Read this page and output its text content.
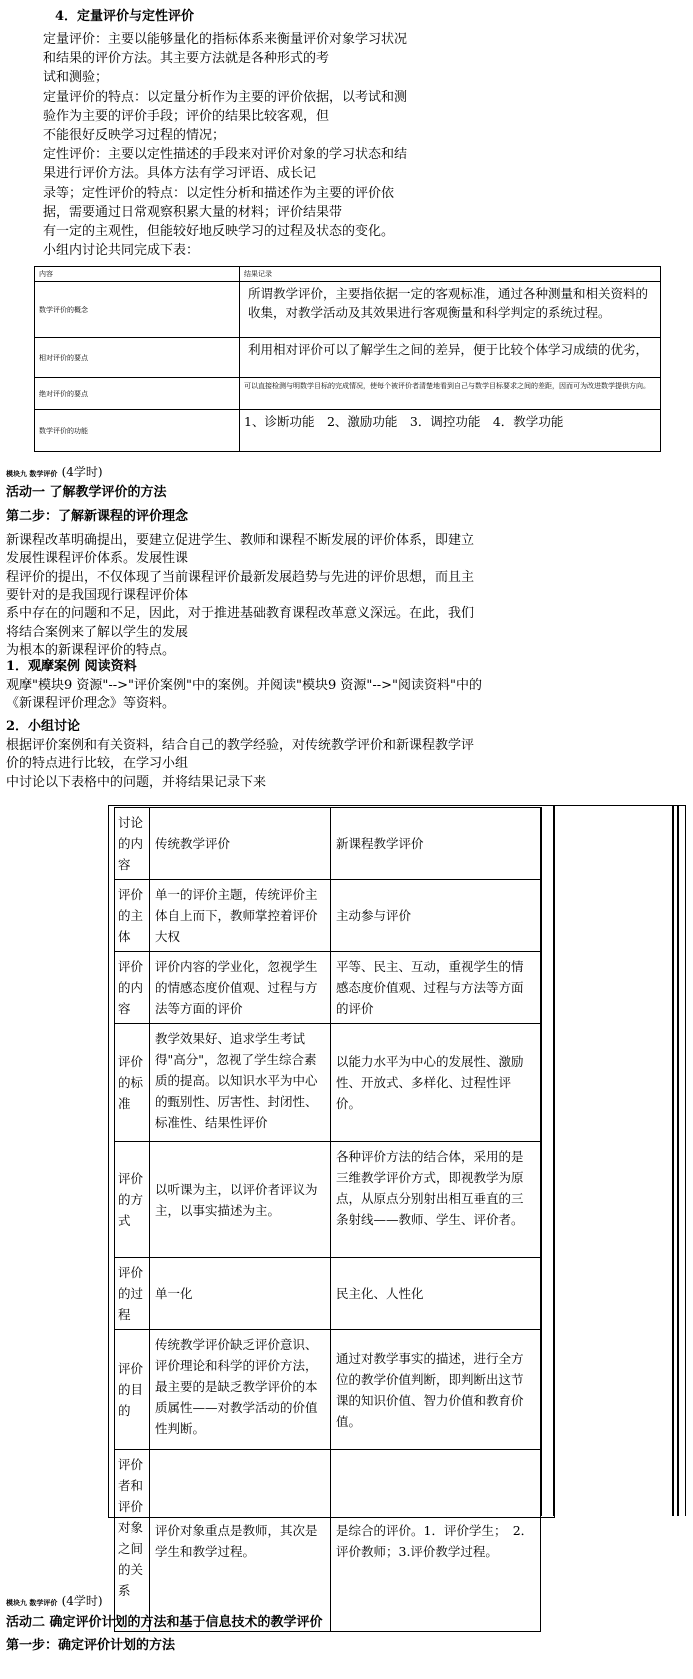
4．定量评价与定性评价
定量评价：主要以能够量化的指标体系来衡量评价对象学习状况
和结果的评价方法。其主要方法就是各种形式的考
试和测验；
定量评价的特点：以定量分析作为主要的评价依据，以考试和测
验作为主要的评价手段；评价的结果比较客观，但
不能很好反映学习过程的情况；
定性评价：主要以定性描述的手段来对评价对象的学习状态和结
果进行评价方法。具体方法有学习评语、成长记
录等；定性评价的特点：以定性分析和描述作为主要的评价依
据，需要通过日常观察积累大量的材料；评价结果带
有一定的主观性，但能较好地反映学习的过程及状态的变化。
小组内讨论共同完成下表：
内容	结果记录
数学评价的概念	所谓教学评价，主要指依据一定的客观标准，通过各种测量和相关资料的收集，对教学活动及其效果进行客观衡量和科学判定的系统过程。
相对评价的要点	利用相对评价可以了解学生之间的差异，便于比较个体学习成绩的优劣，
绝对评价的要点	可以直接检测与明数学目标的完成情况，使每个被评价者清楚地看到自己与数学目标要求之间的差距，因而可为改进数学提供方向。
数学评价的功能	1、诊断功能　2、激励功能　3．调控功能　4．教学功能
模块九 数学评价 (4学时)
活动一 了解教学评价的方法
第二步：了解新课程的评价理念
新课程改革明确提出，要建立促进学生、教师和课程不断发展的评价体系，即建立
发展性课程评价体系。发展性课
程评价的提出，不仅体现了当前课程评价最新发展趋势与先进的评价思想，而且主
要针对的是我国现行课程评价体
系中存在的问题和不足，因此，对于推进基础教育课程改革意义深远。在此，我们
将结合案例来了解以学生的发展
为根本的新课程评价的特点。
1．观摩案例 阅读资料
观摩"模块9 资源"-->"评价案例"中的案例。并阅读"模块9 资源"-->"阅读资料"中的
《新课程评价理念》等资料。
2．小组讨论
根据评价案例和有关资料，结合自己的教学经验，对传统教学评价和新课程教学评
价的特点进行比较，在学习小组
中讨论以下表格中的问题，并将结果记录下来
讨论的内容	传统教学评价	新课程教学评价
评价的主体	单一的评价主题，传统评价主体自上而下，教师掌控着评价大权	主动参与评价
评价的内容	评价内容的学业化，忽视学生的情感态度价值观、过程与方法等方面的评价	平等、民主、互动，重视学生的情感态度价值观、过程与方法等方面的评价
评价的标准	教学效果好、追求学生考试得"高分"，忽视了学生综合素质的提高。以知识水平为中心的甄别性、厉害性、封闭性、标准性、结果性评价	以能力水平为中心的发展性、激励性、开放式、多样化、过程性评价。
评价的方式	以听课为主，以评价者评议为主，以事实描述为主。	各种评价方法的结合体，采用的是三维教学评价方式，即视教学为原点，从原点分别射出相互垂直的三条射线——教师、学生、评价者。
评价的过程	单一化	民主化、人性化
评价的目的	传统教学评价缺乏评价意识、评价理论和科学的评价方法，最主要的是缺乏教学评价的本质属性——对教学活动的价值性判断。	通过对教学事实的描述，进行全方位的教学价值判断，即判断出这节课的知识价值、智力价值和教育价值。
评价者和评价对象之间的关系	评价对象重点是教师，其次是学生和教学过程。	是综合的评价。1．评价学生；　2．评价教师；3.评价教学过程。
模块九 数学评价 (4学时)
活动二 确定评价计划的方法和基于信息技术的教学评价
第一步：确定评价计划的方法
